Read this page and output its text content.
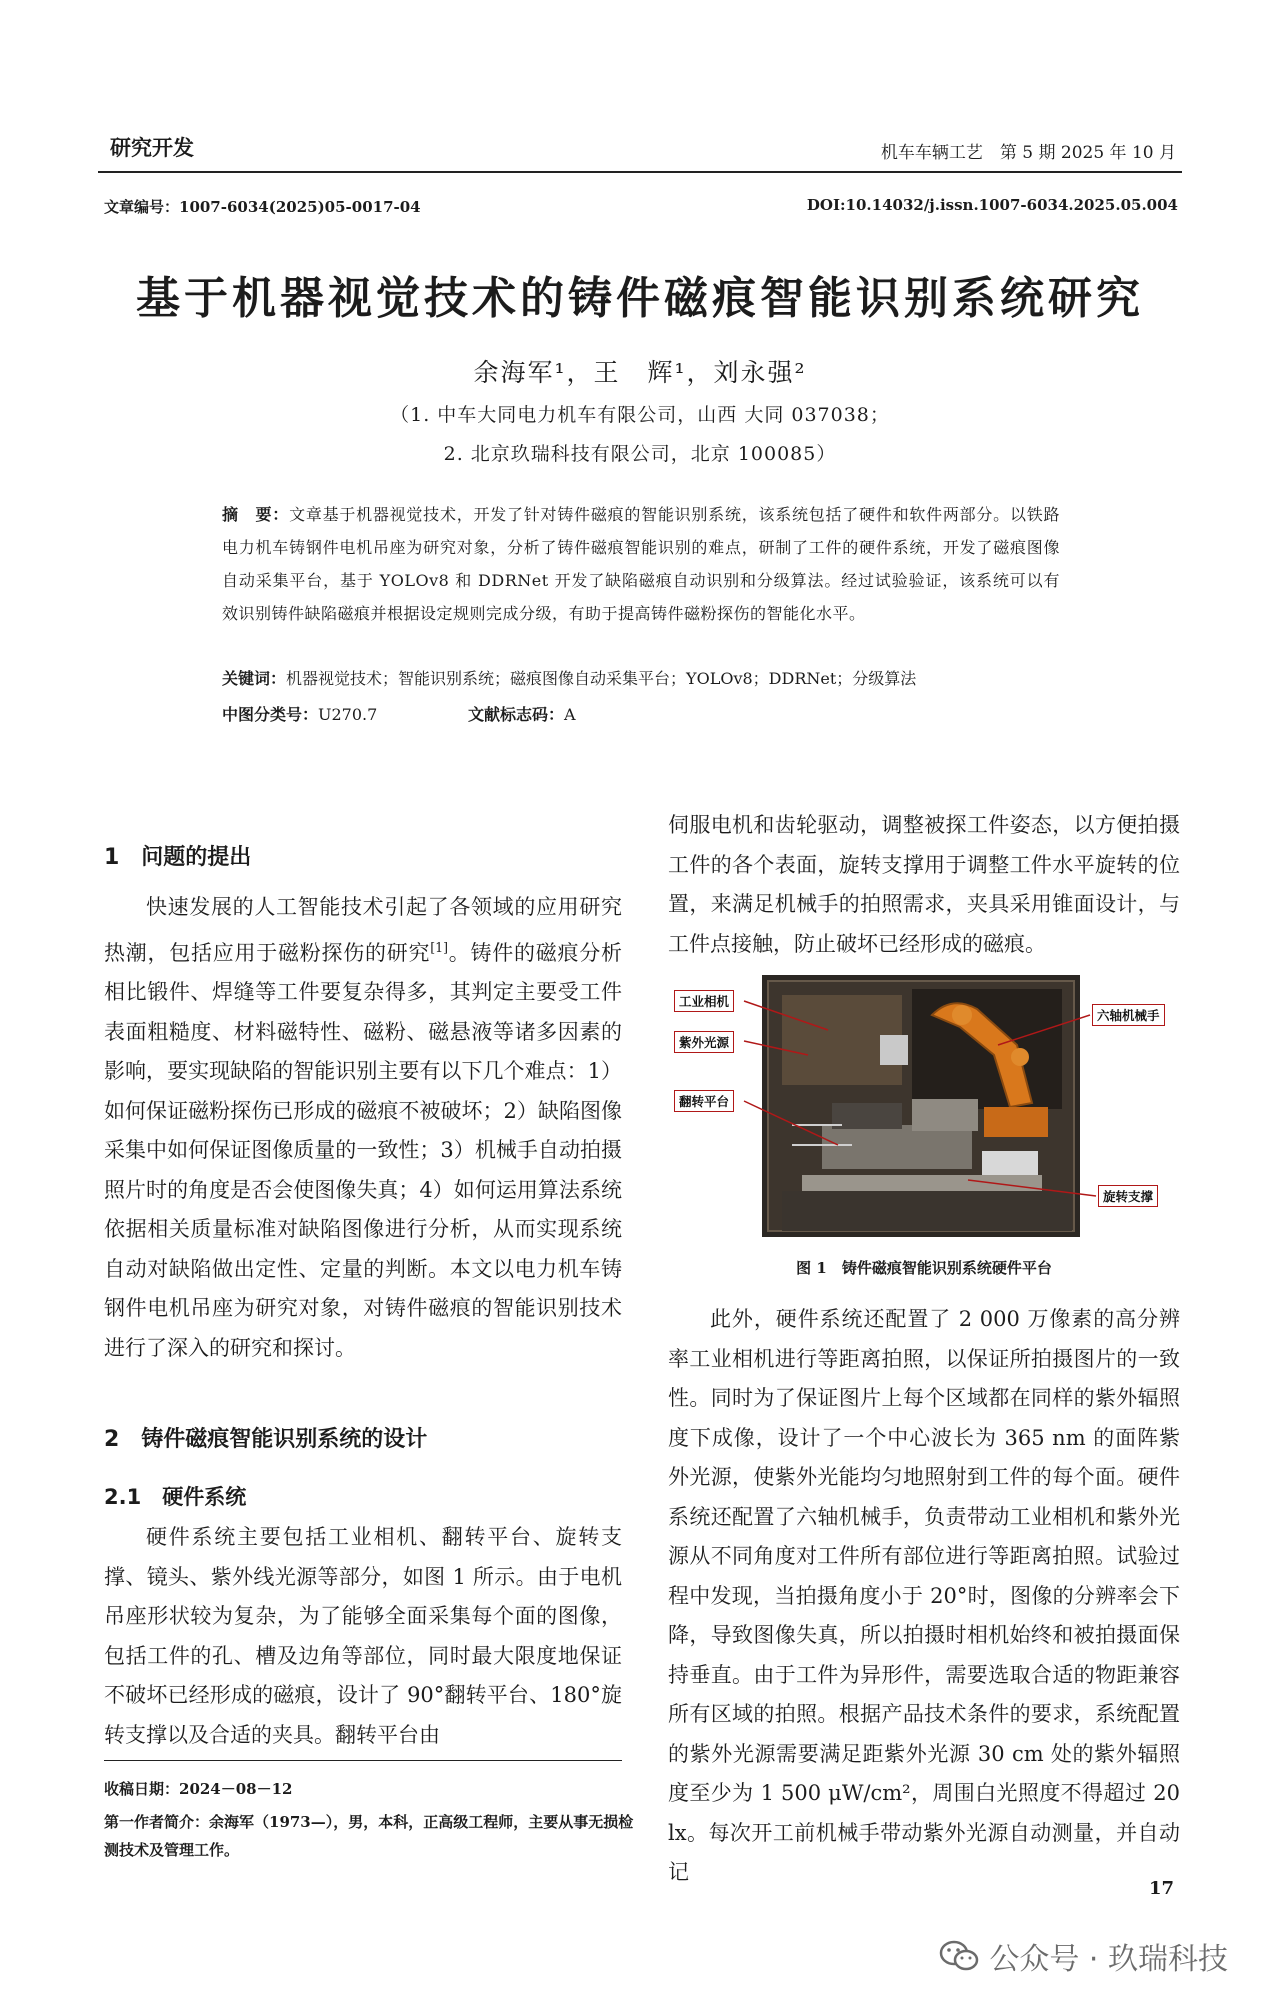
研究开发	机车车辆工艺　第 5 期 2025 年 10 月
文章编号：1007-6034(2025)05-0017-04	DOI:10.14032/j.issn.1007-6034.2025.05.004
基于机器视觉技术的铸件磁痕智能识别系统研究
余海军¹，王　辉¹，刘永强²
（1. 中车大同电力机车有限公司，山西 大同 037038；
2. 北京玖瑞科技有限公司，北京 100085）
摘　要：文章基于机器视觉技术，开发了针对铸件磁痕的智能识别系统，该系统包括了硬件和软件两部分。以铁路电力机车铸钢件电机吊座为研究对象，分析了铸件磁痕智能识别的难点，研制了工件的硬件系统，开发了磁痕图像自动采集平台，基于 YOLOv8 和 DDRNet 开发了缺陷磁痕自动识别和分级算法。经过试验验证，该系统可以有效识别铸件缺陷磁痕并根据设定规则完成分级，有助于提高铸件磁粉探伤的智能化水平。
关键词：机器视觉技术；智能识别系统；磁痕图像自动采集平台；YOLOv8；DDRNet；分级算法
中图分类号：U270.7	文献标志码：A
1　问题的提出

快速发展的人工智能技术引起了各领域的应用研究热潮，包括应用于磁粉探伤的研究[1]。铸件的磁痕分析相比锻件、焊缝等工件要复杂得多，其判定主要受工件表面粗糙度、材料磁特性、磁粉、磁悬液等诸多因素的影响，要实现缺陷的智能识别主要有以下几个难点：1）如何保证磁粉探伤已形成的磁痕不被破坏；2）缺陷图像采集中如何保证图像质量的一致性；3）机械手自动拍摄照片时的角度是否会使图像失真；4）如何运用算法系统依据相关质量标准对缺陷图像进行分析，从而实现系统自动对缺陷做出定性、定量的判断。本文以电力机车铸钢件电机吊座为研究对象，对铸件磁痕的智能识别技术进行了深入的研究和探讨。

2　铸件磁痕智能识别系统的设计
2.1　硬件系统

硬件系统主要包括工业相机、翻转平台、旋转支撑、镜头、紫外线光源等部分，如图 1 所示。由于电机吊座形状较为复杂，为了能够全面采集每个面的图像，包括工件的孔、槽及边角等部位，同时最大限度地保证不破坏已经形成的磁痕，设计了 90°翻转平台、180°旋转支撑以及合适的夹具。翻转平台由

伺服电机和齿轮驱动，调整被探工件姿态，以方便拍摄工件的各个表面，旋转支撑用于调整工件水平旋转的位置，来满足机械手的拍照需求，夹具采用锥面设计，与工件点接触，防止破坏已经形成的磁痕。

工业相机
紫外光源
翻转平台
六轴机械手
旋转支撑
图 1　铸件磁痕智能识别系统硬件平台

此外，硬件系统还配置了 2 000 万像素的高分辨率工业相机进行等距离拍照，以保证所拍摄图片的一致性。同时为了保证图片上每个区域都在同样的紫外辐照度下成像，设计了一个中心波长为 365 nm 的面阵紫外光源，使紫外光能均匀地照射到工件的每个面。硬件系统还配置了六轴机械手，负责带动工业相机和紫外光源从不同角度对工件所有部位进行等距离拍照。试验过程中发现，当拍摄角度小于 20°时，图像的分辨率会下降，导致图像失真，所以拍摄时相机始终和被拍摄面保持垂直。由于工件为异形件，需要选取合适的物距兼容所有区域的拍照。根据产品技术条件的要求，系统配置的紫外光源需要满足距紫外光源 30 cm 处的紫外辐照度至少为 1 500 μW/cm²，周围白光照度不得超过 20 lx。每次开工前机械手带动紫外光源自动测量，并自动记

收稿日期：2024－08－12
第一作者简介：余海军（1973—），男，本科，正高级工程师，主要从事无损检测技术及管理工作。
17
公众号 · 玖瑞科技
